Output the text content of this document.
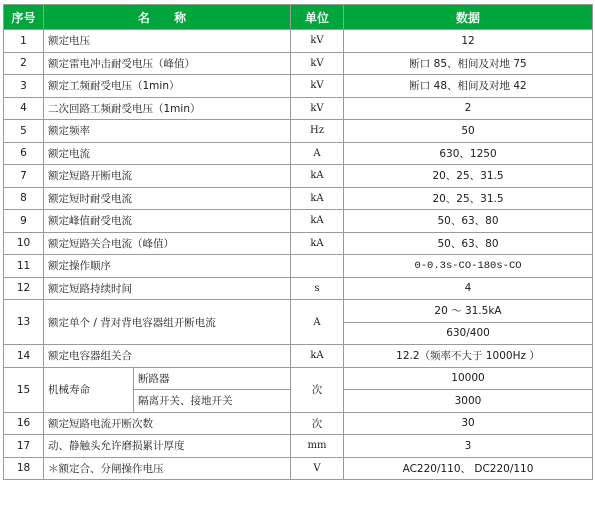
序号	名 称		单位	数据
1	额定电压		kV	12
2	额定雷电冲击耐受电压（峰值）		kV	断口 85、相间及对地 75
3	额定工频耐受电压（1min）		kV	断口 48、相间及对地 42
4	二次回路工频耐受电压（1min）		kV	2
5	额定频率		Hz	50
6	额定电流		A	630、1250
7	额定短路开断电流		kA	20、25、31.5
8	额定短时耐受电流		kA	20、25、31.5
9	额定峰值耐受电流		kA	50、63、80
10	额定短路关合电流（峰值）		kA	50、63、80
11	额定操作顺序			0-0.3s-CO-180s-CO
12	额定短路持续时间		s	4
13	额定单个 / 背对背电容器组开断电流		A	20 ～ 31.5kA
				630/400
14	额定电容器组关合		kA	12.2（频率不大于 1000Hz ）
15	机械寿命	断路器	次	10000
		隔离开关、接地开关		3000
16	额定短路电流开断次数		次	30
17	动、静触头允许磨损累计厚度		mm	3
18	＊额定合、分闸操作电压		V	AC220/110、 DC220/110
